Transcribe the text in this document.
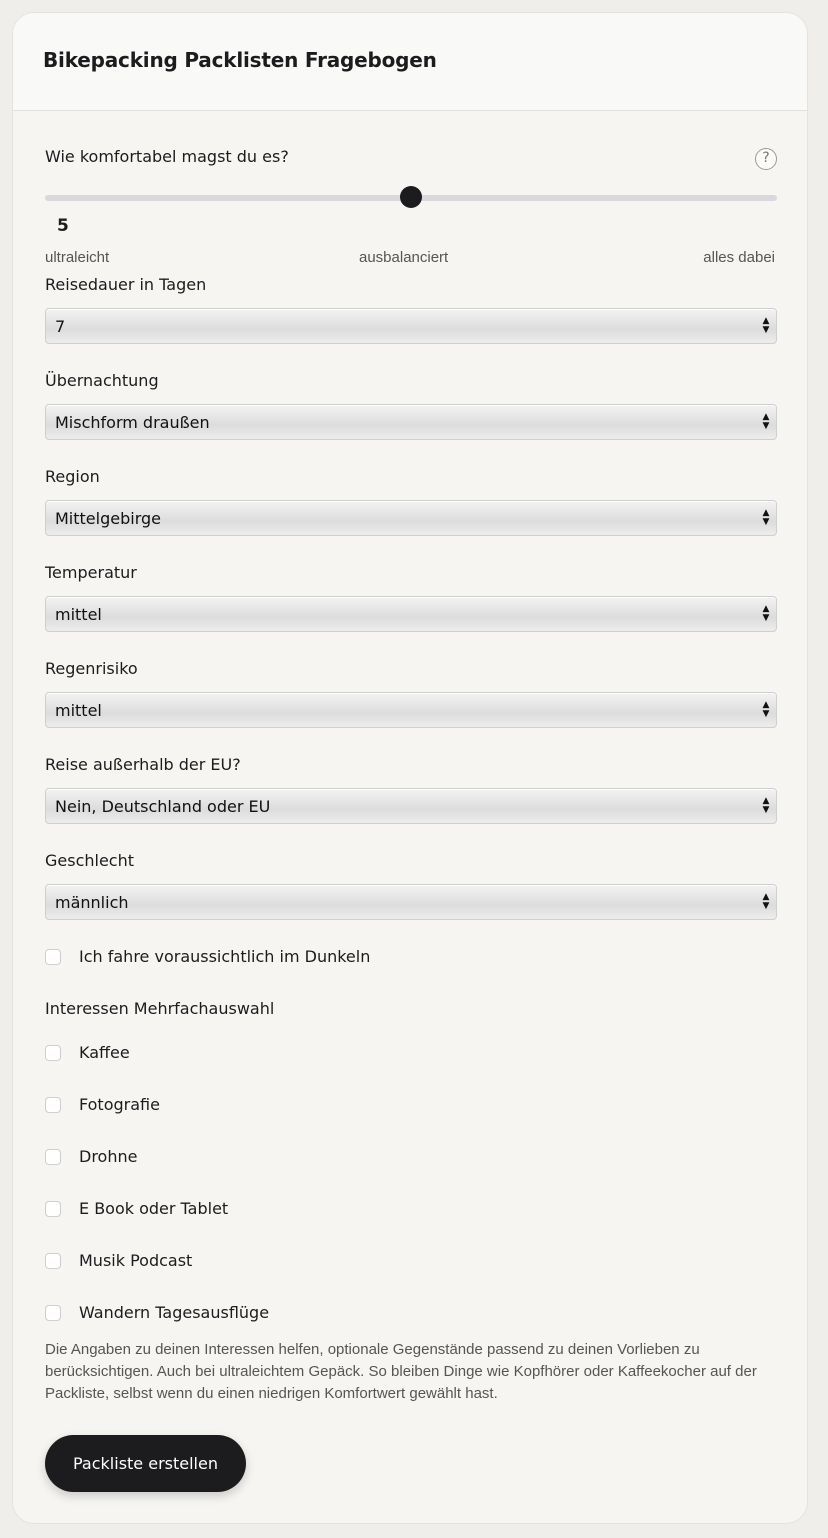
Bikepacking Packlisten Fragebogen
Wie komfortabel magst du es?	?
5
ultraleicht	ausbalanciert	alles dabei
Reisedauer in Tagen
7	▲
▼
Übernachtung
Mischform draußen	▲
▼
Region
Mittelgebirge	▲
▼
Temperatur
mittel	▲
▼
Regenrisiko
mittel	▲
▼
Reise außerhalb der EU?
Nein, Deutschland oder EU	▲
▼
Geschlecht
männlich	▲
▼
Ich fahre voraussichtlich im Dunkeln
Interessen Mehrfachauswahl
Kaffee
Fotografie
Drohne
E Book oder Tablet
Musik Podcast
Wandern Tagesausflüge

Die Angaben zu deinen Interessen helfen, optionale Gegenstände passend zu deinen Vorlieben zu berücksichtigen. Auch bei ultraleichtem Gepäck. So bleiben Dinge wie Kopfhörer oder Kaffeekocher auf der Packliste, selbst wenn du einen niedrigen Komfortwert gewählt hast.

Packliste erstellen
